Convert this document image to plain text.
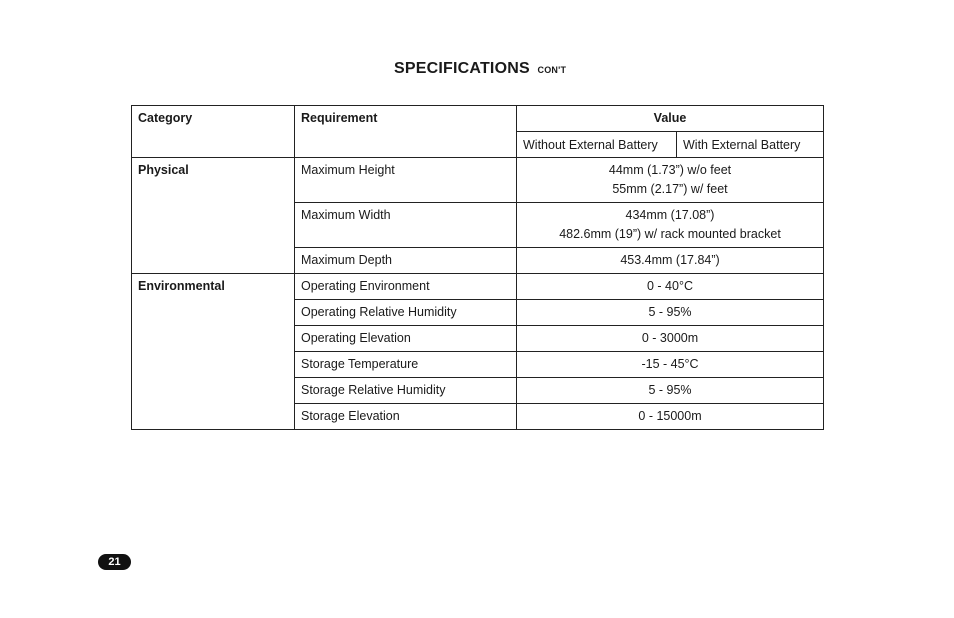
SPECIFICATIONS CON'T
Category	Requirement	Value	
		Without External Battery	With External Battery
Physical	Maximum Height	44mm (1.73”) w/o feet
55mm (2.17”) w/ feet	

	Maximum Width	434mm (17.08”)
482.6mm (19”) w/ rack mounted bracket	

	Maximum Depth	453.4mm (17.84”)	
Environmental	Operating Environment	0 - 40°C	
	Operating Relative Humidity	5 - 95%	
	Operating Elevation	0 - 3000m	
	Storage Temperature	-15 - 45°C	
	Storage Relative Humidity	5 - 95%	
	Storage Elevation	0 - 15000m	
21
